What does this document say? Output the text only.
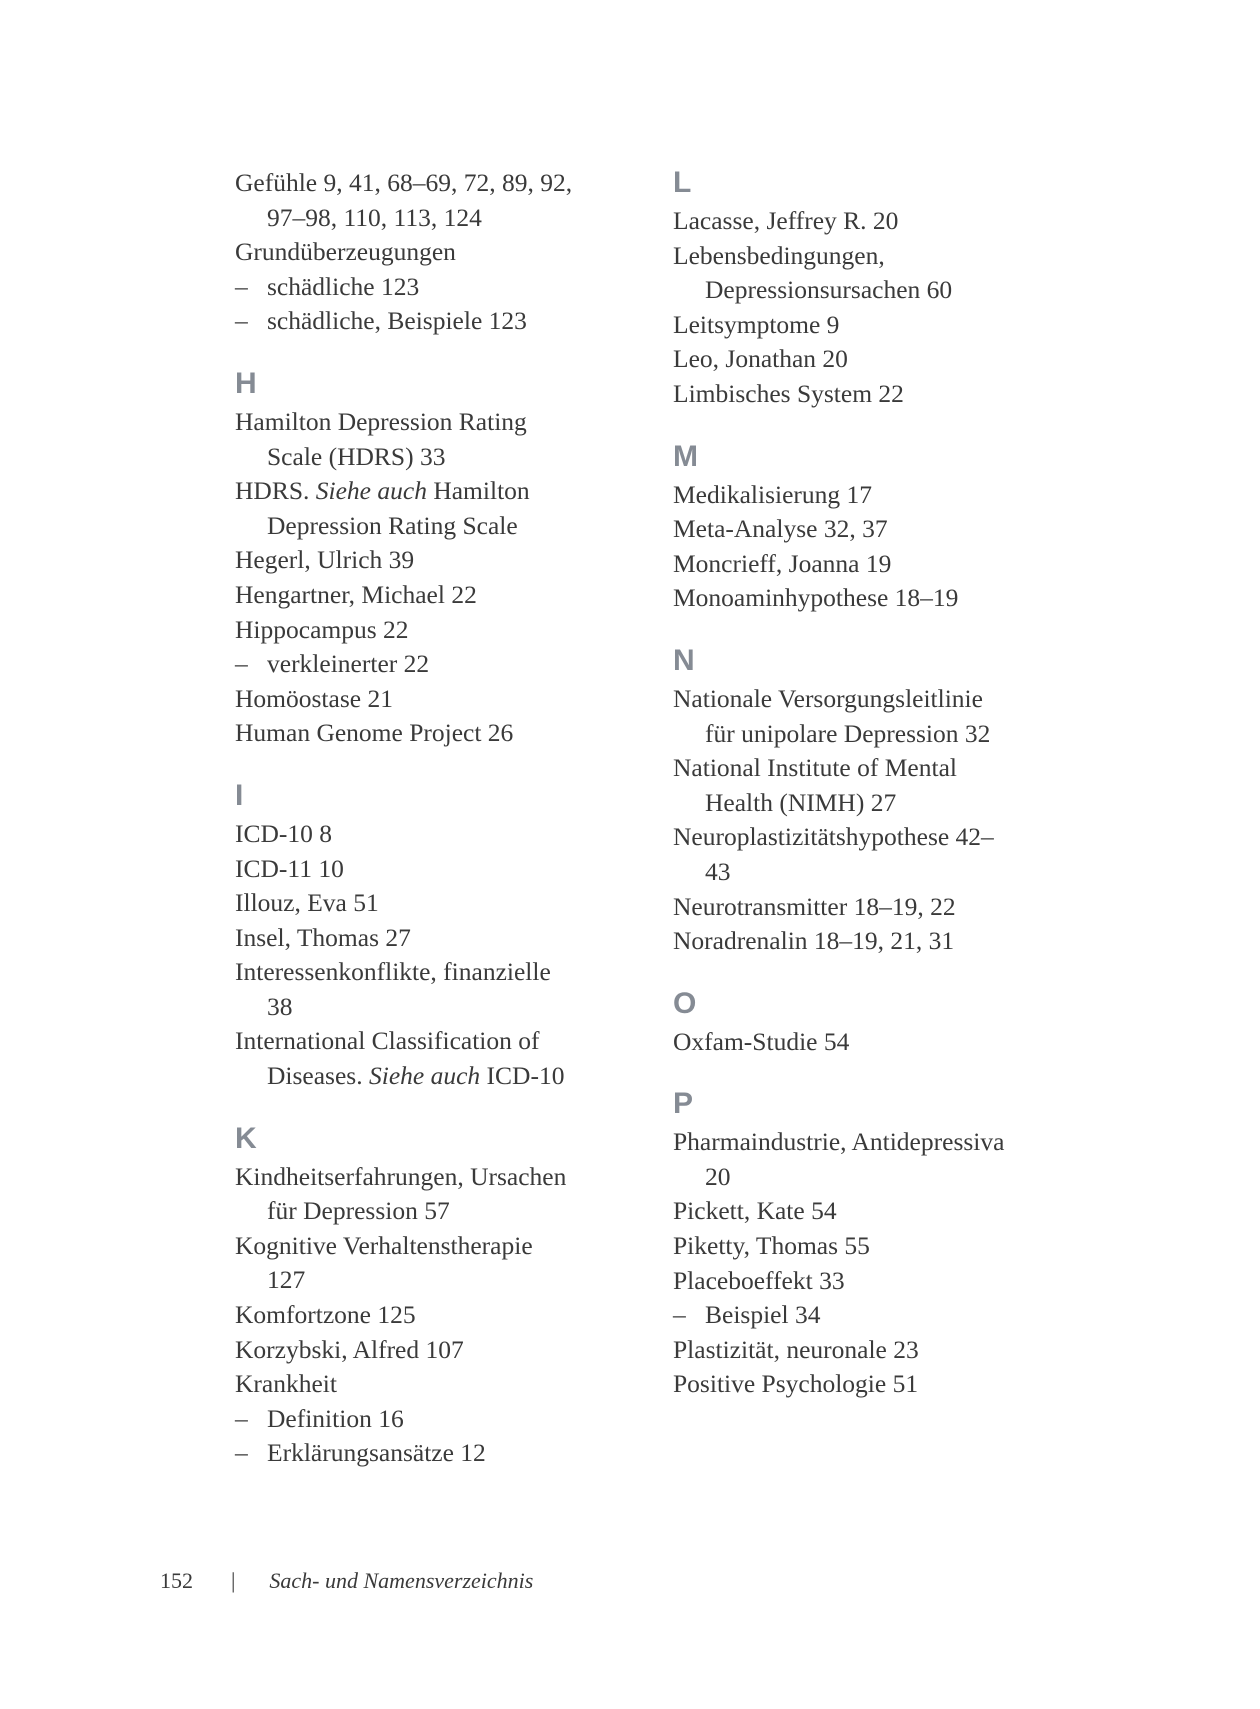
Gefühle 9, 41, 68–69, 72, 89, 92,
97–98, 110, 113, 124
Grundüberzeugungen
– schädliche 123
– schädliche, Beispiele 123
H
Hamilton Depression Rating
Scale (HDRS) 33
HDRS. Siehe auch Hamilton
Depression Rating Scale
Hegerl, Ulrich 39
Hengartner, Michael 22
Hippocampus 22
– verkleinerter 22
Homöostase 21
Human Genome Project 26
I
ICD-10 8
ICD-11 10
Illouz, Eva 51
Insel, Thomas 27
Interessenkonflikte, finanzielle
38
International Classification of
Diseases. Siehe auch ICD-10
K
Kindheitserfahrungen, Ursachen
für Depression 57
Kognitive Verhaltenstherapie
127
Komfortzone 125
Korzybski, Alfred 107
Krankheit
– Definition 16
– Erklärungsansätze 12
L
Lacasse, Jeffrey R. 20
Lebensbedingungen,
Depressionsursachen 60
Leitsymptome 9
Leo, Jonathan 20
Limbisches System 22
M
Medikalisierung 17
Meta-Analyse 32, 37
Moncrieff, Joanna 19
Monoaminhypothese 18–19
N
Nationale Versorgungsleitlinie
für unipolare Depression 32
National Institute of Mental
Health (NIMH) 27
Neuroplastizitätshypothese 42–
43
Neurotransmitter 18–19, 22
Noradrenalin 18–19, 21, 31
O
Oxfam-Studie 54
P
Pharmaindustrie, Antidepressiva
20
Pickett, Kate 54
Piketty, Thomas 55
Placeboeffekt 33
– Beispiel 34
Plastizität, neuronale 23
Positive Psychologie 51
152 | Sach- und Namensverzeichnis
